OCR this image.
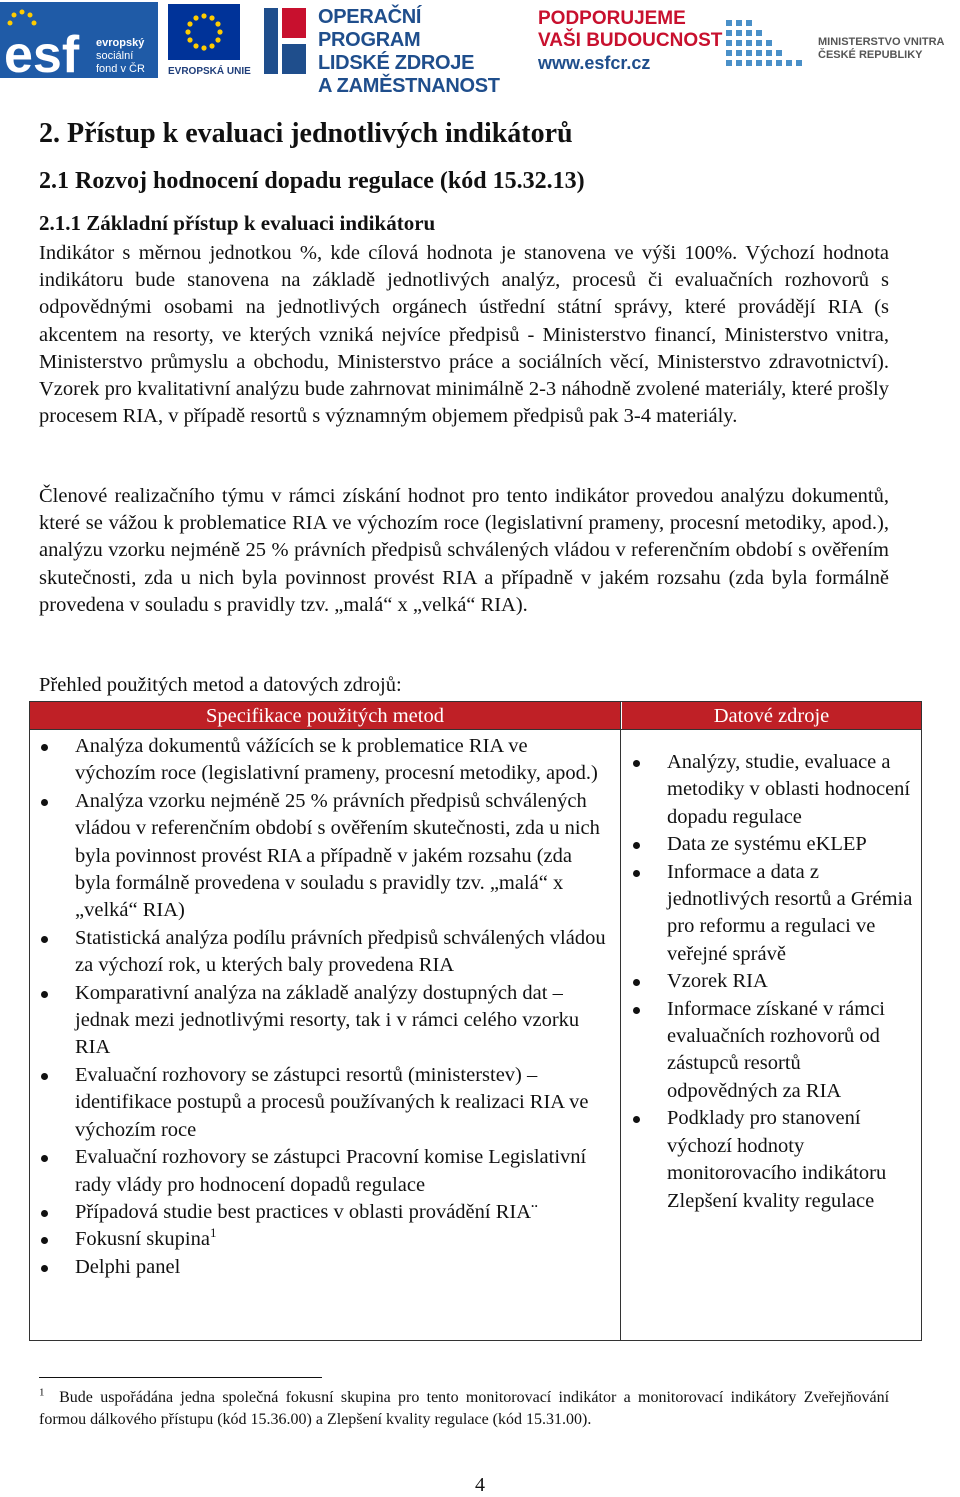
esf evropský
sociální
fond v ČR EVROPSKÁ UNIE
OPERAČNÍ PROGRAM
LIDSKÉ ZDROJE
A ZAMĚSTNANOST
PODPORUJEME
VAŠI BUDOUCNOST
www.esfcr.cz
MINISTERSTVO VNITRA
ČESKÉ REPUBLIKY
2. Přístup k evaluaci jednotlivých indikátorů
2.1 Rozvoj hodnocení dopadu regulace (kód 15.32.13)
2.1.1 Základní přístup k evaluaci indikátoru

Indikátor s měrnou jednotkou %, kde cílová hodnota je stanovena ve výši 100%. Výchozí hodnota indikátoru bude stanovena na základě jednotlivých analýz, procesů či evaluačních rozhovorů s odpovědnými osobami na jednotlivých orgánech ústřední státní správy, které provádějí RIA (s akcentem na resorty, ve kterých vzniká nejvíce předpisů - Ministerstvo financí, Ministerstvo vnitra, Ministerstvo průmyslu a obchodu, Ministerstvo práce a sociálních věcí, Ministerstvo zdravotnictví). Vzorek pro kvalitativní analýzu bude zahrnovat minimálně 2-3 náhodně zvolené materiály, které prošly procesem RIA, v případě resortů s významným objemem předpisů pak 3-4 materiály.

Členové realizačního týmu v rámci získání hodnot pro tento indikátor provedou analýzu dokumentů, které se vážou k problematice RIA ve výchozím roce (legislativní prameny, procesní metodiky, apod.), analýzu vzorku nejméně 25 % právních předpisů schválených vládou v referenčním období s ověřením skutečnosti, zda u nich byla povinnost provést RIA a případně v jakém rozsahu (zda byla formálně provedena v souladu s pravidly tzv. „malá“ x „velká“ RIA).

Přehled použitých metod a datových zdrojů:

Specifikace použitých metod	Datové zdroje
Analýza dokumentů vážících se k problematice RIA ve výchozím roce (legislativní prameny, procesní metodiky, apod.)
Analýza vzorku nejméně 25 % právních předpisů schválených vládou v referenčním období s ověřením skutečnosti, zda u nich byla povinnost provést RIA a případně v jakém rozsahu (zda byla formálně provedena v souladu s pravidly tzv. „malá“ x „velká“ RIA)
Statistická analýza podílu právních předpisů schválených vládou za výchozí rok, u kterých baly provedena RIA
Komparativní analýza na základě analýzy dostupných dat – jednak mezi jednotlivými resorty, tak i v rámci celého vzorku RIA
Evaluační rozhovory se zástupci resortů (ministerstev) – identifikace postupů a procesů používaných k realizaci RIA ve výchozím roce
Evaluační rozhovory se zástupci Pracovní komise Legislativní rady vlády pro hodnocení dopadů regulace
Případová studie best practices v oblasti provádění RIA¨
Fokusní skupina$^1$
Delphi panel
Analýzy, studie, evaluace a metodiky v oblasti hodnocení dopadu regulace
Data ze systému eKLEP
Informace a data z jednotlivých resortů a Grémia pro reformu a regulaci ve veřejné správě
Vzorek RIA
Informace získané v rámci evaluačních rozhovorů od zástupců resortů odpovědných za RIA
Podklady pro stanovení výchozí hodnoty monitorovacího indikátoru Zlepšení kvality regulace

$^1$ Bude uspořádána jedna společná fokusní skupina pro tento monitorovací indikátor a monitorovací indikátory Zveřejňování formou dálkového přístupu (kód 15.36.00) a Zlepšení kvality regulace (kód 15.31.00).

4
